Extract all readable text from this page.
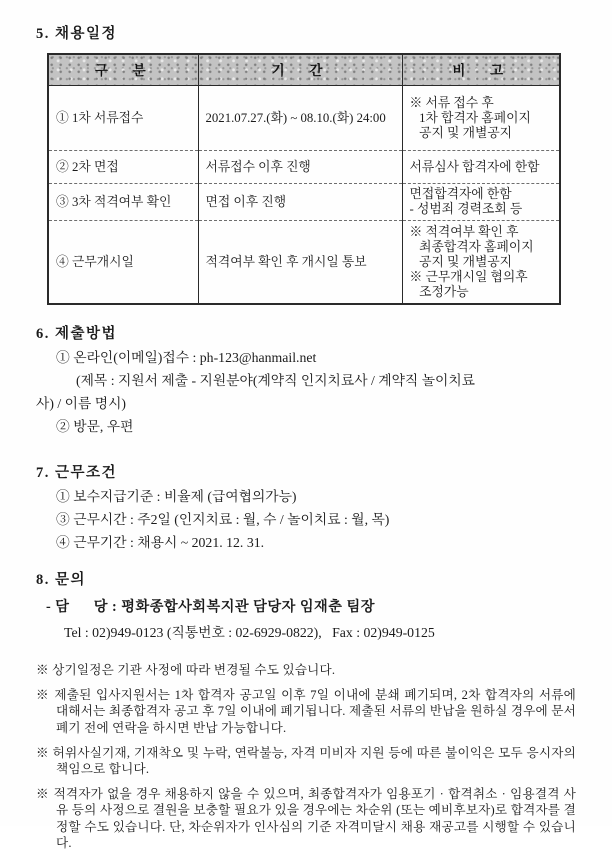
5. 채용일정

구  분	기  간	비  고
① 1차 서류접수	2021.07.27.(화) ~ 08.10.(화) 24:00	※ 서류 접수 후
1차 합격자 홈페이지
공지 및 개별공지
② 2차 면접	서류접수 이후 진행	서류심사 합격자에 한함
③ 3차 적격여부 확인	면접 이후 진행	면접합격자에 한함
- 성범죄 경력조회 등
④ 근무개시일	적격여부 확인 후 개시일 통보	※ 적격여부 확인 후
최종합격자 홈페이지
공지 및 개별공지
※ 근무개시일 협의후
조정가능

6. 제출방법

① 온라인(이메일)접수 : ph-123@hanmail.net

(제목 : 지원서 제출 - 지원분야(계약직 인지치료사 / 계약직 놀이치료

사) / 이름 명시)

② 방문, 우편

7. 근무조건

① 보수지급기준 : 비율제 (급여협의가능)

③ 근무시간 : 주2일 (인지치료 : 월, 수 / 놀이치료 : 월, 목)

④ 근무기간 : 채용시 ~ 2021. 12. 31.

8. 문의

- 담      당 : 평화종합사회복지관 담당자 임재춘 팀장

Tel : 02)949-0123 (직통번호 : 02-6929-0822),   Fax : 02)949-0125

※ 상기일정은 기관 사정에 따라 변경될 수도 있습니다.

※ 제출된 입사지원서는 1차 합격자 공고일 이후 7일 이내에 분쇄 폐기되며, 2차 합격자의 서류에 대해서는 최종합격자 공고 후 7일 이내에 폐기됩니다. 제출된 서류의 반납을 원하실 경우에 문서 폐기 전에 연락을 하시면 반납 가능합니다.

※ 허위사실기재, 기재착오 및 누락, 연락불능, 자격 미비자 지원 등에 따른 불이익은 모두 응시자의 책임으로 합니다.

※ 적격자가 없을 경우 채용하지 않을 수 있으며, 최종합격자가 임용포기 · 합격취소 · 임용결격 사유 등의 사정으로 결원을 보충할 필요가 있을 경우에는 차순위 (또는 예비후보자)로 합격자를 결정할 수도 있습니다. 단, 차순위자가 인사심의 기준 자격미달시 채용 재공고를 시행할 수 있습니다.
